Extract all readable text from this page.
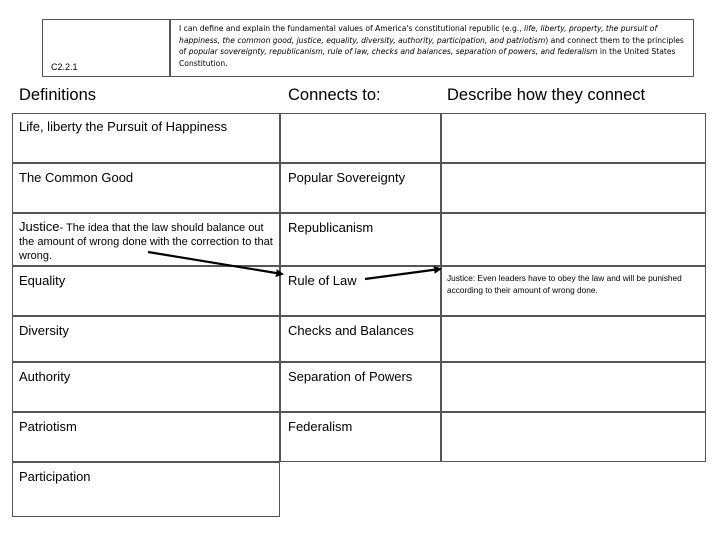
C2.2.1
I can define and explain the fundamental values of America's constitutional republic (e.g., life, liberty, property, the pursuit of happiness, the common good, justice, equality, diversity, authority, participation, and patriotism) and connect them to the principles of popular sovereignty, republicanism, rule of law, checks and balances, separation of powers, and federalism in the United States Constitution.
Definitions	Connects to:	Describe how they connect
Life, liberty the Pursuit of Happiness
The Common Good
Justice- The idea that the law should balance out the amount of wrong done with the correction to that wrong.
Equality
Diversity
Authority
Patriotism
Participation
Popular Sovereignty
Republicanism
Rule of Law
Checks and Balances
Separation of Powers
Federalism
Justice: Even leaders have to obey the law and will be punished according to their amount of wrong done.
